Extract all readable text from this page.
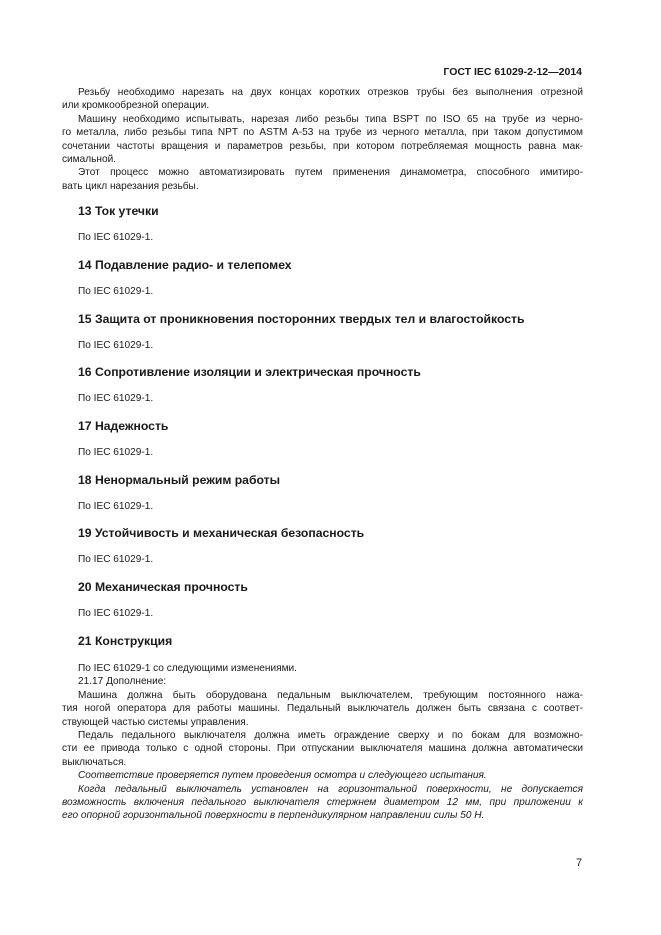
ГОСТ IEC 61029-2-12—2014
Резьбу необходимо нарезать на двух концах коротких отрезков трубы без выполнения отрезной
или кромкообрезной операции.
Машину необходимо испытывать, нарезая либо резьбы типа BSPT по ISO 65 на трубе из черно-
го металла, либо резьбы типа NPT по ASTM A-53 на трубе из черного металла, при таком допустимом
сочетании частоты вращения и параметров резьбы, при котором потребляемая мощность равна мак-
симальной.
Этот процесс можно автоматизировать путем применения динамометра, способного имитиро-
вать цикл нарезания резьбы.
13 Ток утечки
По IEC 61029-1.
14 Подавление радио- и телепомех
По IEC 61029-1.
15 Защита от проникновения посторонних твердых тел и влагостойкость
По IEC 61029-1.
16 Сопротивление изоляции и электрическая прочность
По IEC 61029-1.
17 Надежность
По IEC 61029-1.
18 Ненормальный режим работы
По IEC 61029-1.
19 Устойчивость и механическая безопасность
По IEC 61029-1.
20 Механическая прочность
По IEC 61029-1.
21 Конструкция
По IEC 61029-1 со следующими изменениями.
21.17 Дополнение:
Машина должна быть оборудована педальным выключателем, требующим постоянного нажа-
тия ногой оператора для работы машины. Педальный выключатель должен быть связана с соответ-
ствующей частью системы управления.
Педаль педального выключателя должна иметь ограждение сверху и по бокам для возможно-
сти ее привода только с одной стороны. При отпускании выключателя машина должна автоматически
выключаться.
Соответствие проверяется путем проведения осмотра и следующего испытания.
Когда педальный выключатель установлен на горизонтальной поверхности, не допускается
возможность включения педального выключателя стержнем диаметром 12 мм, при приложении к
его опорной горизонтальной поверхности в перпендикулярном направлении силы 50 Н.
7
